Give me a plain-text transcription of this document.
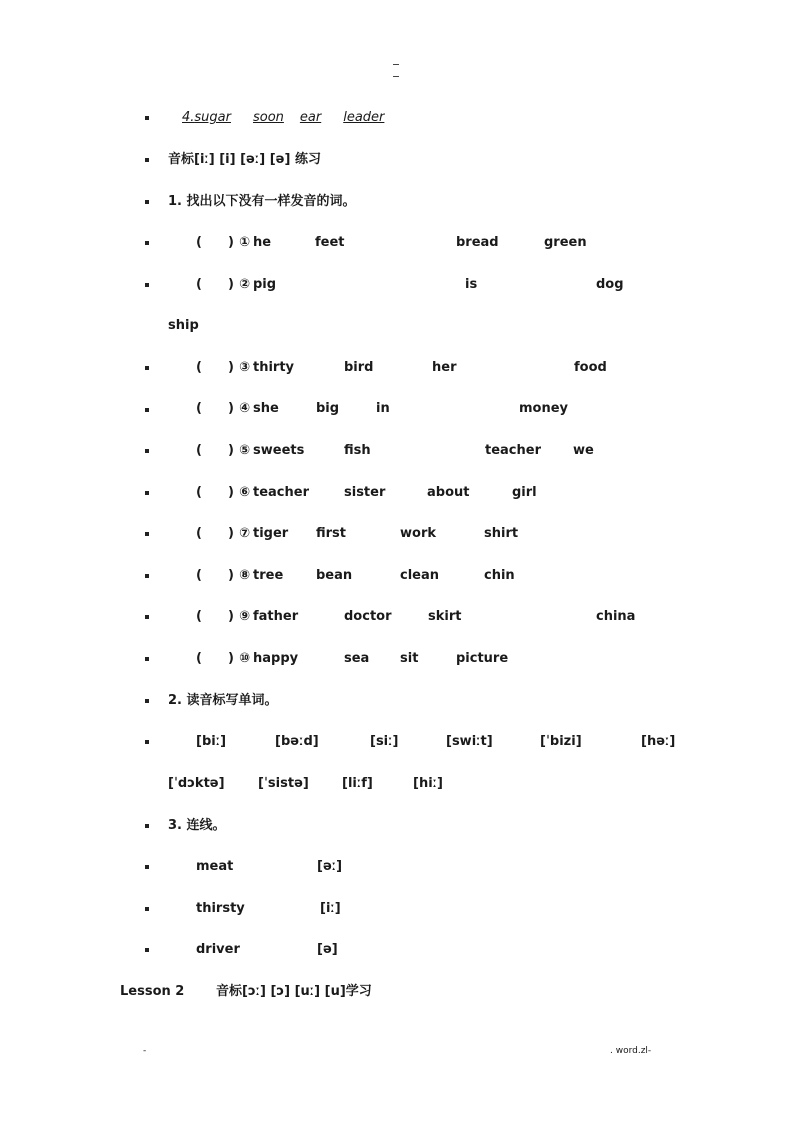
4.sugar soon ear leader
音标[iː] [i] [əː] [ə] 练习
1. 找出以下没有一样发音的词。
( ) ① he	feet	bread	green
( ) ② pig	is	dog
ship
( ) ③ thirty	bird	her	food
( ) ④ she	big	in	money
( ) ⑤ sweets	fish	teacher we
( ) ⑥ teacher	sister	about	girl
( ) ⑦ tiger first	work	shirt
( ) ⑧ tree	bean	clean	chin
( ) ⑨ father	doctor	skirt	china
( ) ⑩ happy	sea sit	picture
2. 读音标写单词。
[biː]	[bəːd]	[siː]	[swiːt]	[ˈbizi]	[həː]
[ˈdɔktə]	[ˈsistə]	[liːf]	[hiː]
3. 连线。
meat	[əː]
thirsty	[iː]
driver	[ə]
Lesson 2 音标[ɔː] [ɔ] [uː] [u]学习
-	. word.zl-
